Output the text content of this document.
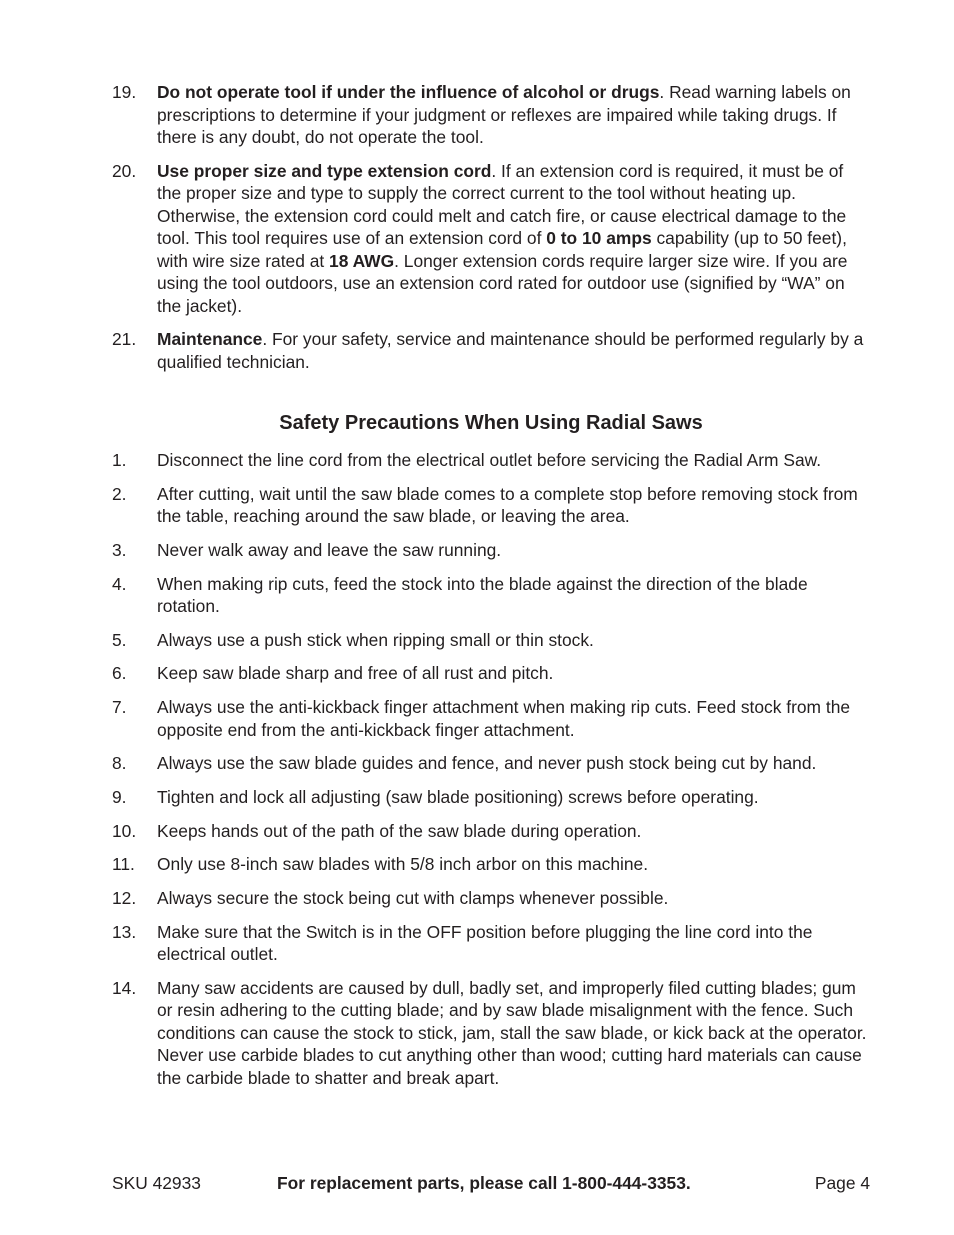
19.	Do not operate tool if under the influence of alcohol or drugs. Read warning labels on prescriptions to determine if your judgment or reflexes are impaired while taking drugs. If there is any doubt, do not operate the tool.
20.	Use proper size and type extension cord. If an extension cord is required, it must be of the proper size and type to supply the correct current to the tool without heating up. Otherwise, the extension cord could melt and catch fire, or cause electrical damage to the tool. This tool requires use of an extension cord of 0 to 10 amps capability (up to 50 feet), with wire size rated at 18 AWG. Longer extension cords require larger size wire. If you are using the tool outdoors, use an extension cord rated for outdoor use (signified by “WA” on the jacket).
21.	Maintenance. For your safety, service and maintenance should be performed regularly by a qualified technician.
Safety Precautions When Using Radial Saws
1.	Disconnect the line cord from the electrical outlet before servicing the Radial Arm Saw.
2.	After cutting, wait until the saw blade comes to a complete stop before removing stock from the table, reaching around the saw blade, or leaving the area.
3.	Never walk away and leave the saw running.
4.	When making rip cuts, feed the stock into the blade against the direction of the blade rotation.
5.	Always use a push stick when ripping small or thin stock.
6.	Keep saw blade sharp and free of all rust and pitch.
7.	Always use the anti-kickback finger attachment when making rip cuts. Feed stock from the opposite end from the anti-kickback finger attachment.
8.	Always use the saw blade guides and fence, and never push stock being cut by hand.
9.	Tighten and lock all adjusting (saw blade positioning) screws before operating.
10.	Keeps hands out of the path of the saw blade during operation.
11.	Only use 8-inch saw blades with 5/8 inch arbor on this machine.
12.	Always secure the stock being cut with clamps whenever possible.
13.	Make sure that the Switch is in the OFF position before plugging the line cord into the electrical outlet.
14.	Many saw accidents are caused by dull, badly set, and improperly filed cutting blades; gum or resin adhering to the cutting blade; and by saw blade misalignment with the fence. Such conditions can cause the stock to stick, jam, stall the saw blade, or kick back at the operator. Never use carbide blades to cut anything other than wood; cutting hard materials can cause the carbide blade to shatter and break apart.
SKU 42933	For replacement parts, please call 1-800-444-3353.	Page 4
